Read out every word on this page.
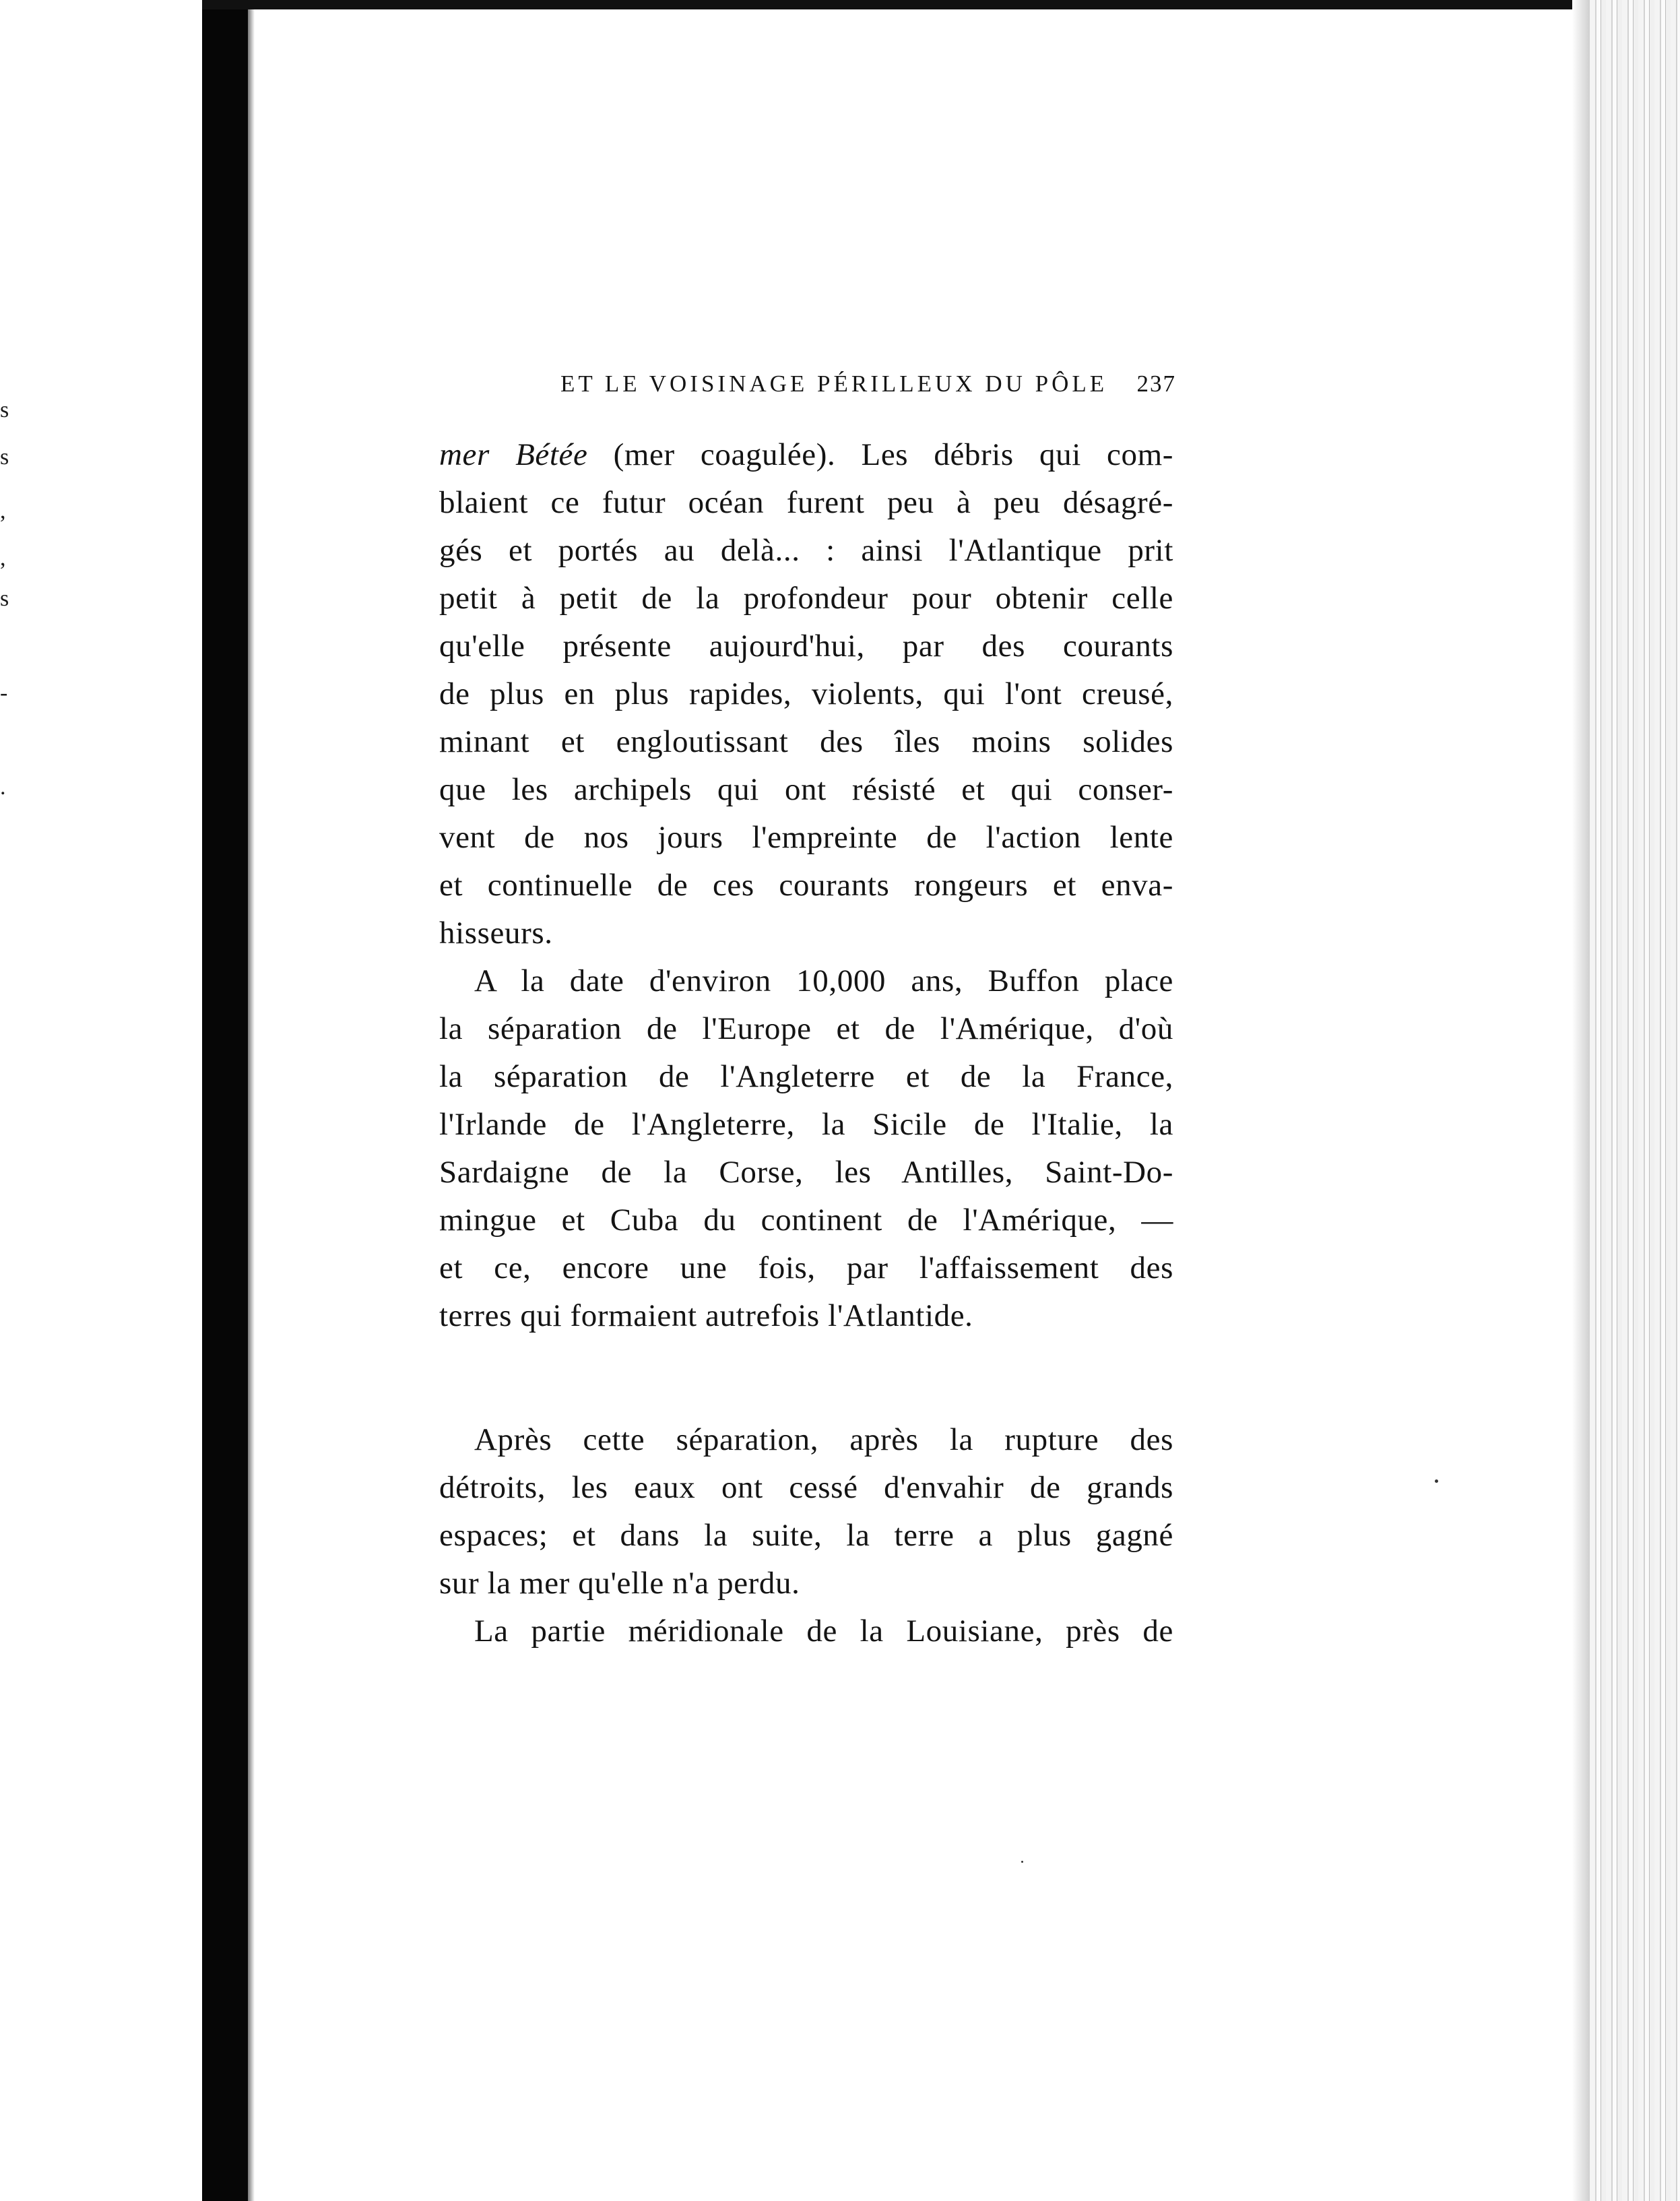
s
s
,
,
s
-
.
ET LE VOISINAGE PÉRILLEUX DU PÔLE 237
mer Bétée (mer coagulée). Les débris qui com-
blaient ce futur océan furent peu à peu désagré-
gés et portés au delà... : ainsi l'Atlantique prit
petit à petit de la profondeur pour obtenir celle
qu'elle présente aujourd'hui, par des courants
de plus en plus rapides, violents, qui l'ont creusé,
minant et engloutissant des îles moins solides
que les archipels qui ont résisté et qui conser-
vent de nos jours l'empreinte de l'action lente
et continuelle de ces courants rongeurs et enva-
hisseurs.
A la date d'environ 10,000 ans, Buffon place
la séparation de l'Europe et de l'Amérique, d'où
la séparation de l'Angleterre et de la France,
l'Irlande de l'Angleterre, la Sicile de l'Italie, la
Sardaigne de la Corse, les Antilles, Saint-Do-
mingue et Cuba du continent de l'Amérique, —
et ce, encore une fois, par l'affaissement des
terres qui formaient autrefois l'Atlantide.
Après cette séparation, après la rupture des
détroits, les eaux ont cessé d'envahir de grands
espaces; et dans la suite, la terre a plus gagné
sur la mer qu'elle n'a perdu.
La partie méridionale de la Louisiane, près de
